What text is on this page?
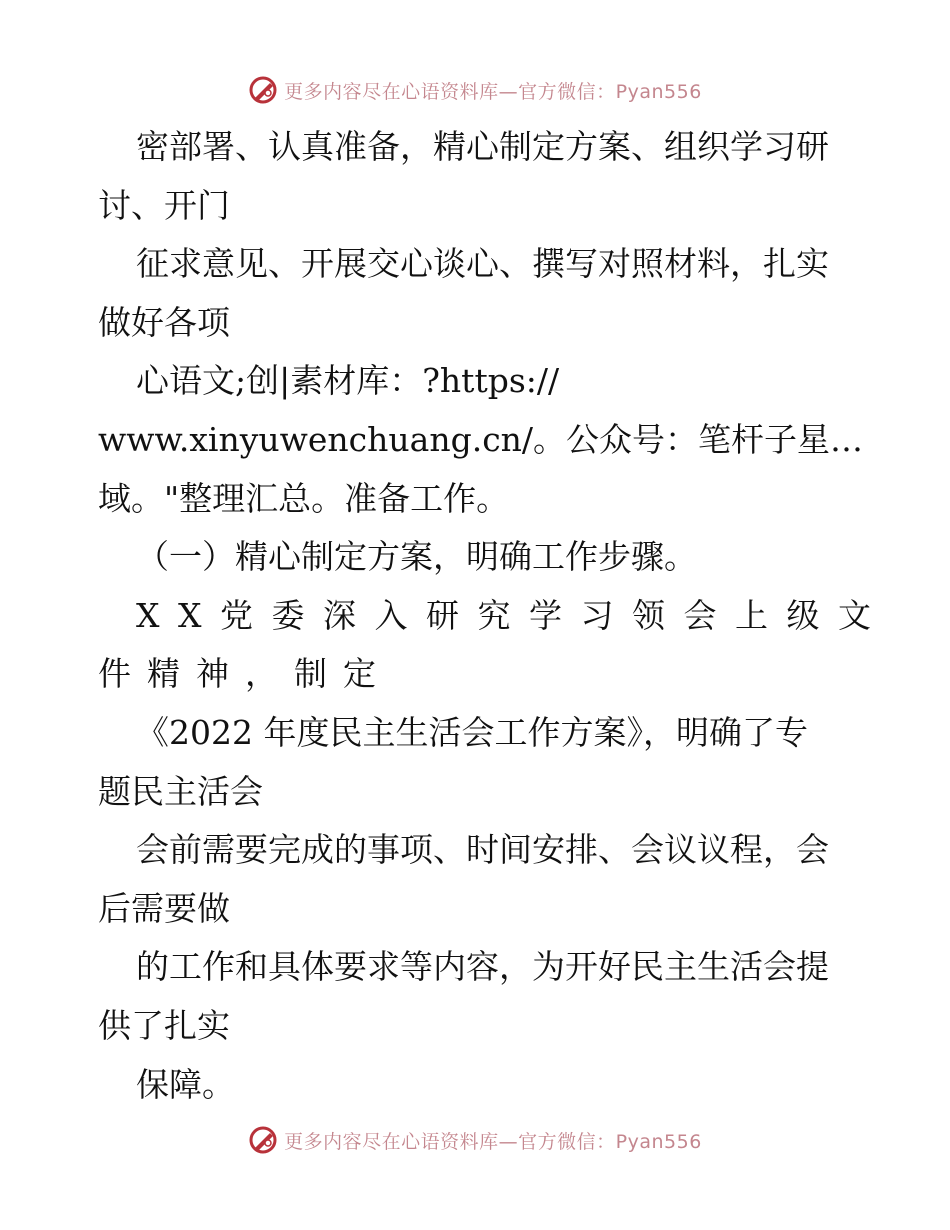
更多内容尽在心语资料库—官方微信：Pyan556
密部署、认真准备，精心制定方案、组织学习研
讨、开门
征求意见、开展交心谈心、撰写对照材料，扎实
做好各项
心语文;创|素材库：?https://
www.xinyuwenchuang.cn/。公众号：笔杆子星…
域。"整理汇总。准备工作。
（一）精心制定方案，明确工作步骤。
XX党委深入研究学习领会上级文
件精神，制定
《2022 年度民主生活会工作方案》，明确了专
题民主活会
会前需要完成的事项、时间安排、会议议程，会
后需要做
的工作和具体要求等内容，为开好民主生活会提
供了扎实
保障。
更多内容尽在心语资料库—官方微信：Pyan556
